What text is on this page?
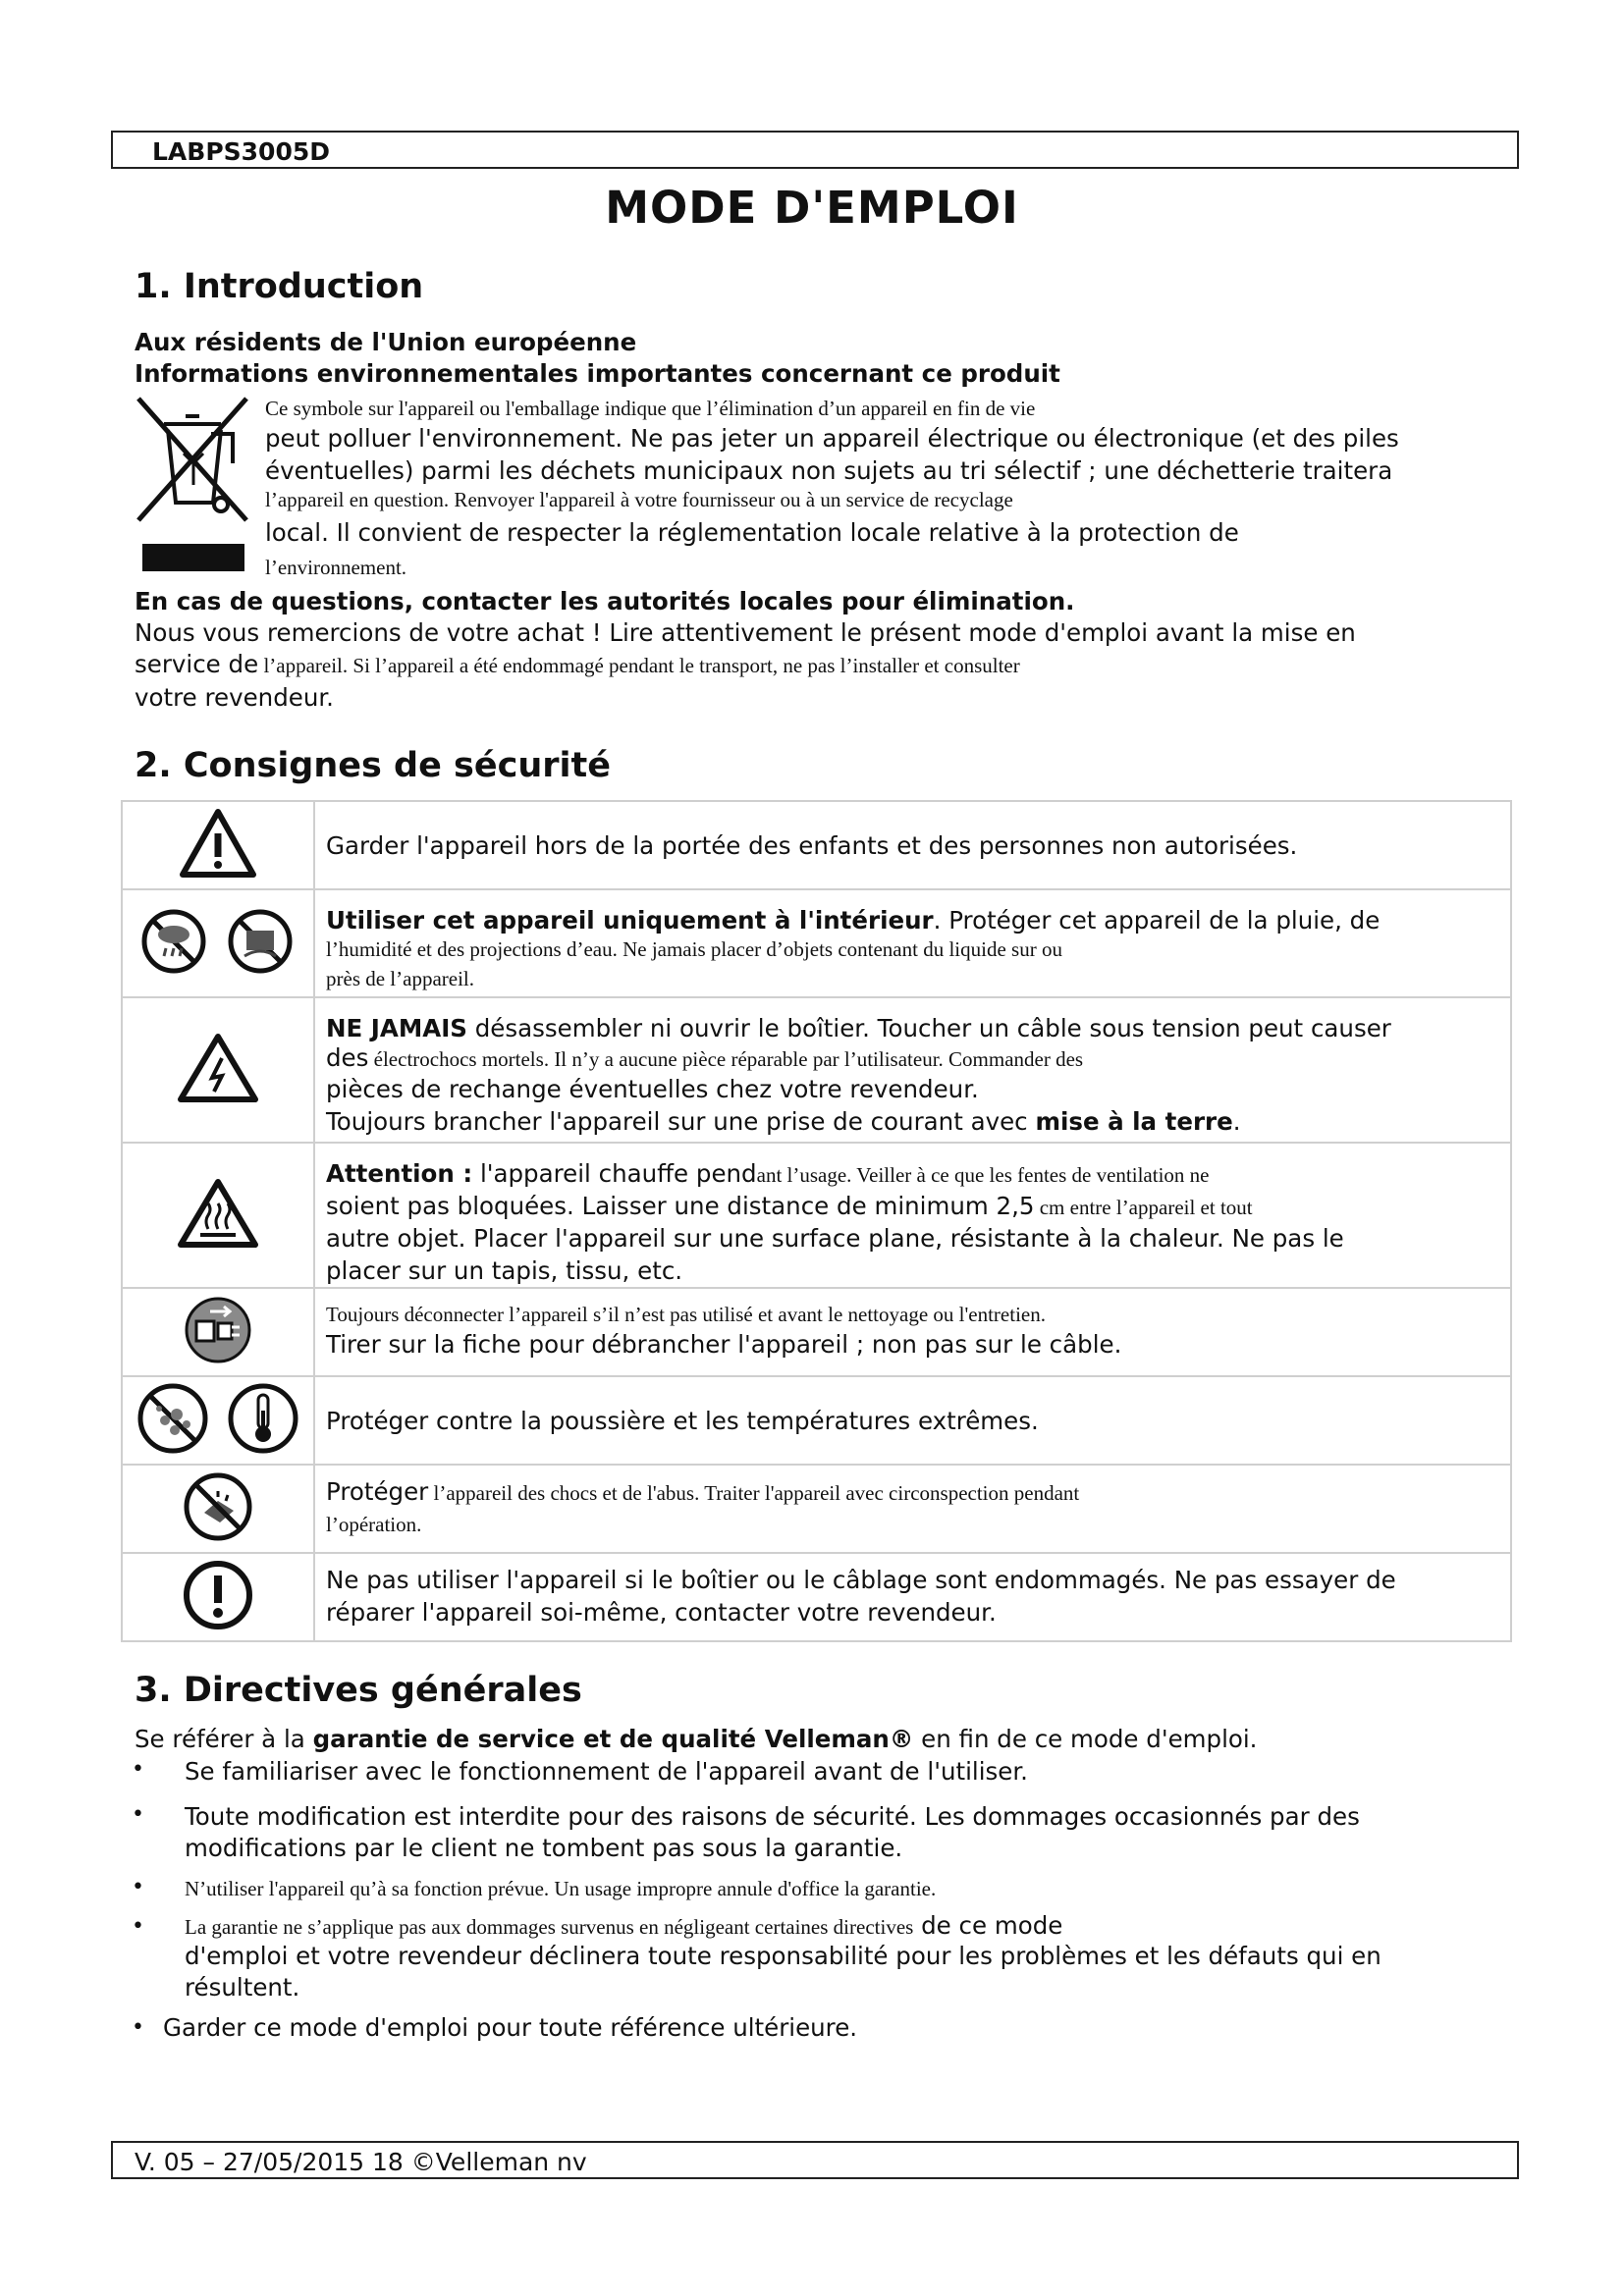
LABPS3005D
MODE D'EMPLOI
1. Introduction
Aux résidents de l'Union européenne
Informations environnementales importantes concernant ce produit
Ce symbole sur l'appareil ou l'emballage indique que l’élimination d’un appareil en fin de vie
peut polluer l'environnement. Ne pas jeter un appareil électrique ou électronique (et des piles
éventuelles) parmi les déchets municipaux non sujets au tri sélectif ; une déchetterie traitera
l’appareil en question. Renvoyer l'appareil à votre fournisseur ou à un service de recyclage
local. Il convient de respecter la réglementation locale relative à la protection de
l’environnement.
En cas de questions, contacter les autorités locales pour élimination.
Nous vous remercions de votre achat ! Lire attentivement le présent mode d'emploi avant la mise en
service de l’appareil. Si l’appareil a été endommagé pendant le transport, ne pas l’installer et consulter
votre revendeur.
2. Consignes de sécurité
	Garder l'appareil hors de la portée des enfants et des personnes non autorisées.

Utiliser cet appareil uniquement à l'intérieur. Protéger cet appareil de la pluie, de
l’humidité et des projections d’eau. Ne jamais placer d’objets contenant du liquide sur ou
près de l’appareil.

NE JAMAIS désassembler ni ouvrir le boîtier. Toucher un câble sous tension peut causer
des électrochocs mortels. Il n’y a aucune pièce réparable par l’utilisateur. Commander des
pièces de rechange éventuelles chez votre revendeur.
Toujours brancher l'appareil sur une prise de courant avec mise à la terre.

Attention : l'appareil chauffe pendant l’usage. Veiller à ce que les fentes de ventilation ne
soient pas bloquées. Laisser une distance de minimum 2,5 cm entre l’appareil et tout
autre objet. Placer l'appareil sur une surface plane, résistante à la chaleur. Ne pas le
placer sur un tapis, tissu, etc.

Toujours déconnecter l’appareil s’il n’est pas utilisé et avant le nettoyage ou l'entretien.
Tirer sur la fiche pour débrancher l'appareil ; non pas sur le câble.

	Protéger contre la poussière et les températures extrêmes.

Protéger l’appareil des chocs et de l'abus. Traiter l'appareil avec circonspection pendant
l’opération.

Ne pas utiliser l'appareil si le boîtier ou le câblage sont endommagés. Ne pas essayer de
réparer l'appareil soi-même, contacter votre revendeur.
3. Directives générales
Se référer à la garantie de service et de qualité Velleman® en fin de ce mode d'emploi.
• Se familiariser avec le fonctionnement de l'appareil avant de l'utiliser.
• Toute modification est interdite pour des raisons de sécurité. Les dommages occasionnés par des
modifications par le client ne tombent pas sous la garantie.
• N’utiliser l'appareil qu’à sa fonction prévue. Un usage impropre annule d'office la garantie.
• La garantie ne s’applique pas aux dommages survenus en négligeant certaines directives de ce mode
d'emploi et votre revendeur déclinera toute responsabilité pour les problèmes et les défauts qui en
résultent.
• Garder ce mode d'emploi pour toute référence ultérieure.
V. 05 – 27/05/2015 18 ©Velleman nv
